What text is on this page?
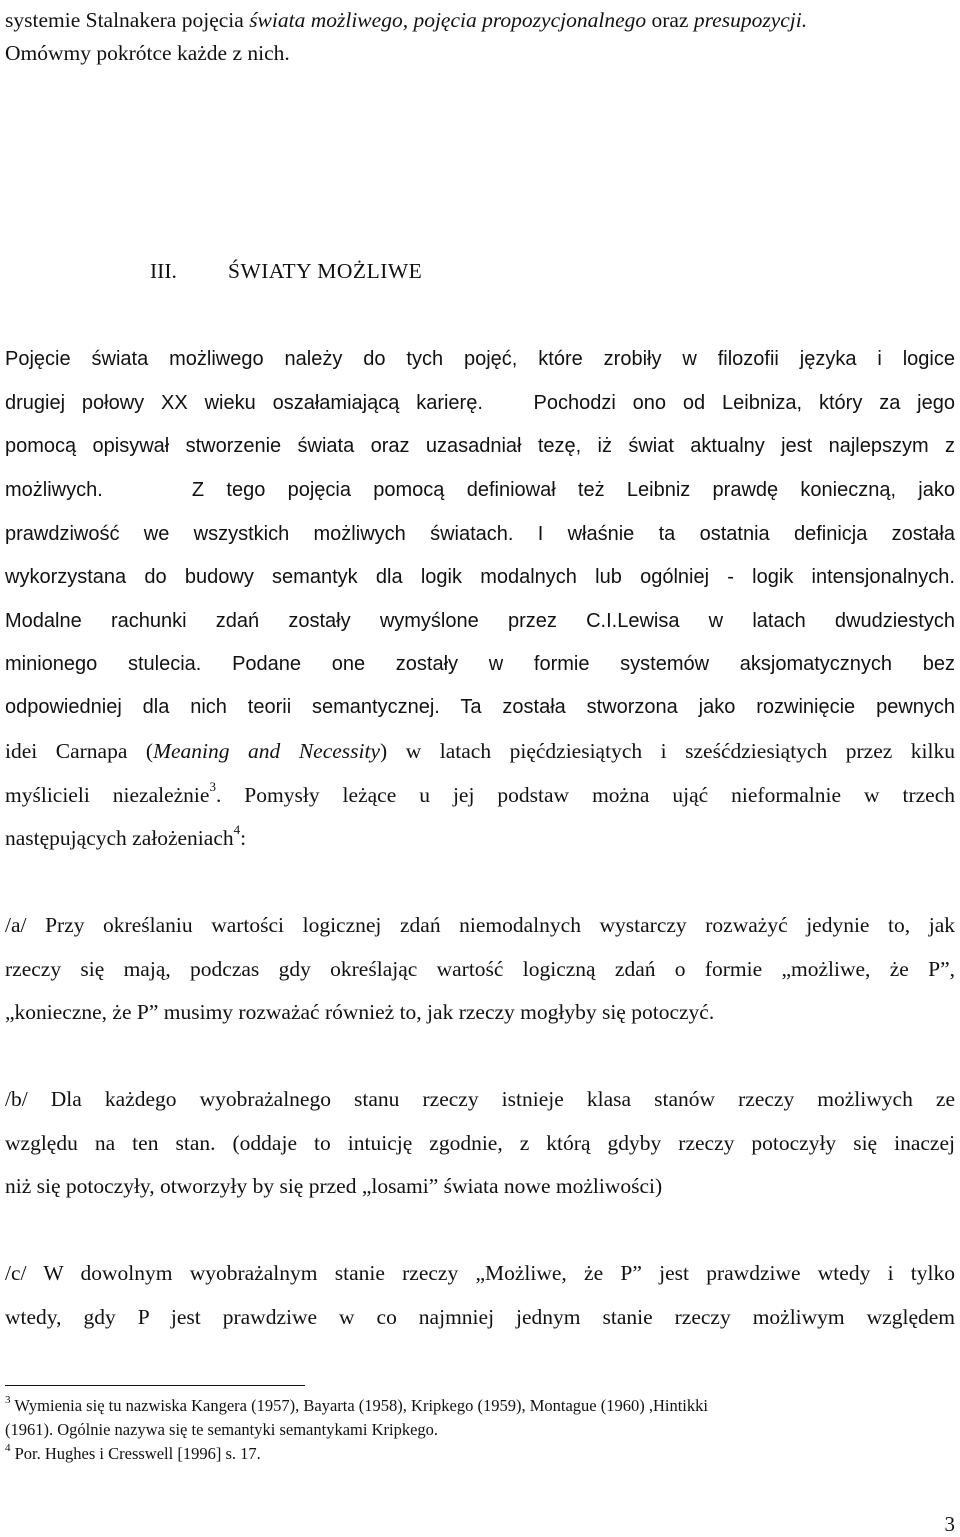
systemie Stalnakera pojęcia świata możliwego, pojęcia propozycjonalnego oraz presupozycji.
Omówmy pokrótce każde z nich.
III. ŚWIATY MOŻLIWE
Pojęcie świata możliwego należy do tych pojęć, które zrobiły w filozofii języka i logice
drugiej połowy XX wieku oszałamiającą karierę.	Pochodzi ono od Leibniza, który za jego
pomocą opisywał stworzenie świata oraz uzasadniał tezę, iż świat aktualny jest najlepszym z
możliwych.	Z tego pojęcia pomocą definiował też Leibniz prawdę konieczną, jako
prawdziwość we wszystkich możliwych światach. I właśnie ta ostatnia definicja została
wykorzystana do budowy semantyk dla logik modalnych lub ogólniej - logik intensjonalnych.
Modalne rachunki zdań zostały wymyślone przez C.I.Lewisa w latach dwudziestych
minionego stulecia. Podane one zostały w formie systemów aksjomatycznych bez
odpowiedniej dla nich teorii semantycznej. Ta została stworzona jako rozwinięcie pewnych
idei Carnapa (Meaning and Necessity) w latach pięćdziesiątych i sześćdziesiątych przez kilku
myślicieli niezależnie$^3$. Pomysły leżące u jej podstaw można ująć nieformalnie w trzech
następujących założeniach$^4$:
/a/ Przy określaniu wartości logicznej zdań niemodalnych wystarczy rozważyć jedynie to, jak
rzeczy się mają, podczas gdy określając wartość logiczną zdań o formie „możliwe, że P”,
„konieczne, że P” musimy rozważać również to, jak rzeczy mogłyby się potoczyć.
/b/ Dla każdego wyobrażalnego stanu rzeczy istnieje klasa stanów rzeczy możliwych ze
względu na ten stan. (oddaje to intuicję zgodnie, z którą gdyby rzeczy potoczyły się inaczej
niż się potoczyły, otworzyły by się przed „losami” świata nowe możliwości)
/c/ W dowolnym wyobrażalnym stanie rzeczy „Możliwe, że P” jest prawdziwe wtedy i tylko
wtedy, gdy P jest prawdziwe w co najmniej jednym stanie rzeczy możliwym względem
$^3$ Wymienia się tu nazwiska Kangera (1957), Bayarta (1958), Kripkego (1959), Montague (1960) ,Hintikki
(1961). Ogólnie nazywa się te semantyki semantykami Kripkego.
$^4$ Por. Hughes i Cresswell [1996] s. 17.
3
